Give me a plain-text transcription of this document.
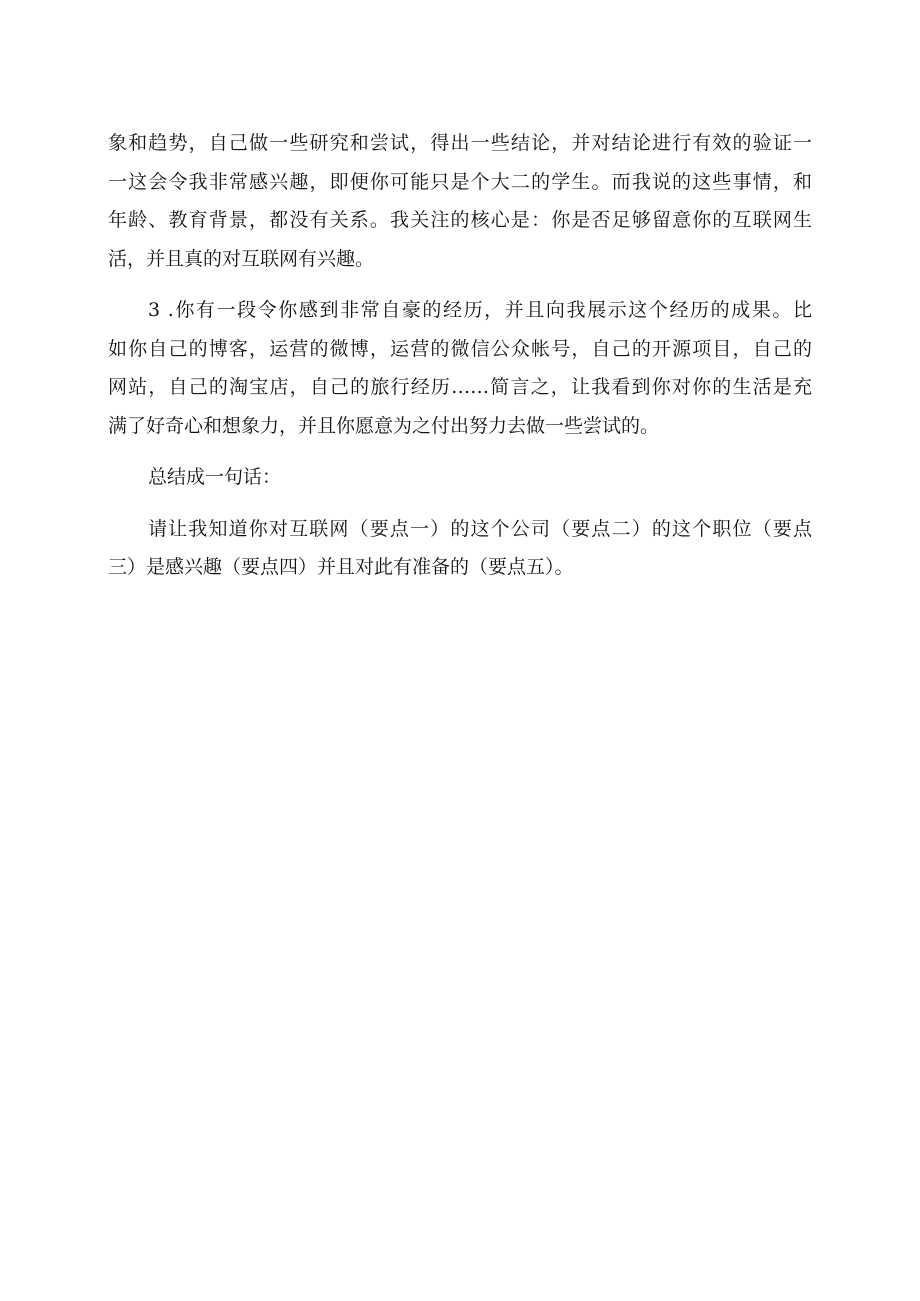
象和趋势，自己做一些研究和尝试，得出一些结论，并对结论进行有效的验证一
一这会令我非常感兴趣，即便你可能只是个大二的学生。而我说的这些事情，和
年龄、教育背景，都没有关系。我关注的核心是：你是否足够留意你的互联网生
活，并且真的对互联网有兴趣。

3 .你有一段令你感到非常自豪的经历，并且向我展示这个经历的成果。比
如你自己的博客，运营的微博，运营的微信公众帐号，自己的开源项目，自己的
网站，自己的淘宝店，自己的旅行经历……简言之，让我看到你对你的生活是充
满了好奇心和想象力，并且你愿意为之付出努力去做一些尝试的。

总结成一句话：

请让我知道你对互联网（要点一）的这个公司（要点二）的这个职位（要点
三）是感兴趣（要点四）并且对此有准备的（要点五）。
